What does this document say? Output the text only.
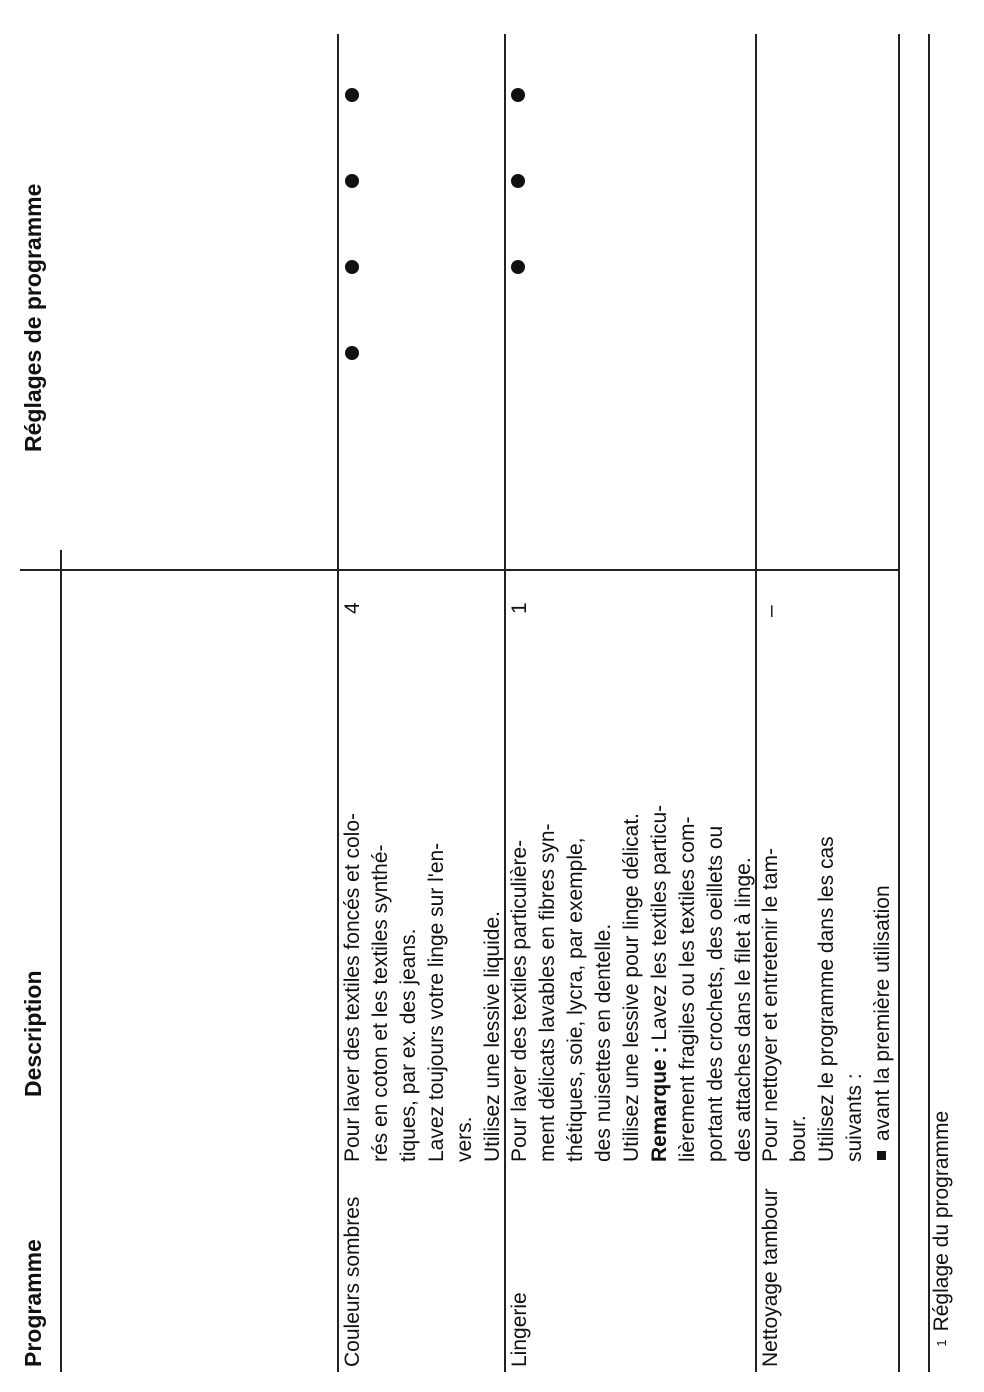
Programme
Description
Réglages de programme
Couleurs sombres
Pour laver des textiles foncés et colo- rés en coton et les textiles synthé- tiques, par ex. des jeans. Lavez toujours votre linge sur l'en- vers. Utilisez une lessive liquide.
4
Lingerie
Pour laver des textiles particulière- ment délicats lavables en fibres syn- thétiques, soie, lycra, par exemple, des nuisettes en dentelle. Utilisez une lessive pour linge délicat. Remarque : Lavez les textiles particu- lièrement fragiles ou les textiles com- portant des crochets, des oeillets ou des attaches dans le filet à linge.
1
Nettoyage tambour
Pour nettoyer et entretenir le tam- bour. Utilisez le programme dans les cas suivants : avant la première utilisation
–

$^1$Réglage du programme
